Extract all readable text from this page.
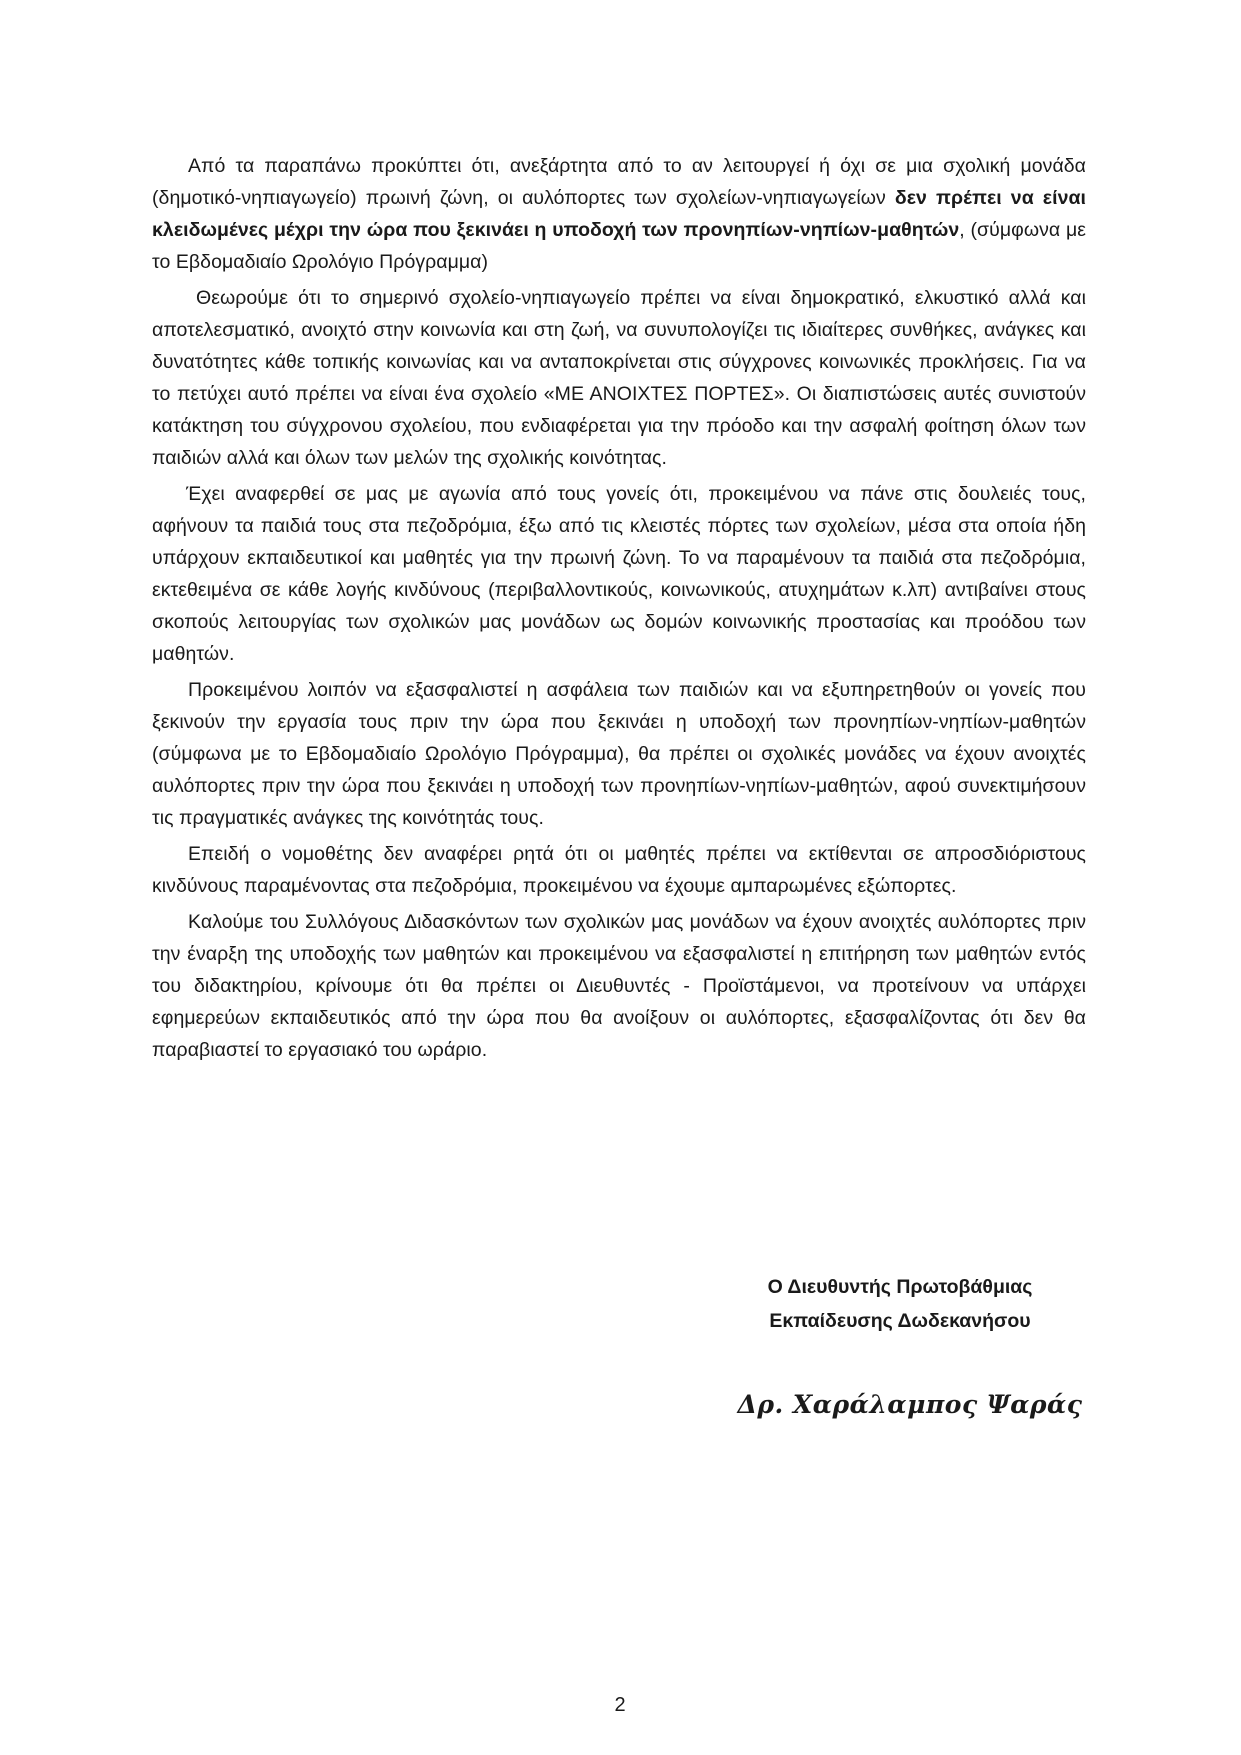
Από τα παραπάνω προκύπτει ότι, ανεξάρτητα από το αν λειτουργεί ή όχι σε μια σχολική μονάδα (δημοτικό-νηπιαγωγείο) πρωινή ζώνη, οι αυλόπορτες των σχολείων-νηπιαγωγείων δεν πρέπει να είναι κλειδωμένες μέχρι την ώρα που ξεκινάει η υποδοχή των προνηπίων-νηπίων-μαθητών, (σύμφωνα με το Εβδομαδιαίο Ωρολόγιο Πρόγραμμα)

Θεωρούμε ότι το σημερινό σχολείο-νηπιαγωγείο πρέπει να είναι δημοκρατικό, ελκυστικό αλλά και αποτελεσματικό, ανοιχτό στην κοινωνία και στη ζωή, να συνυπολογίζει τις ιδιαίτερες συνθήκες, ανάγκες και δυνατότητες κάθε τοπικής κοινωνίας και να ανταποκρίνεται στις σύγχρονες κοινωνικές προκλήσεις. Για να το πετύχει αυτό πρέπει να είναι ένα σχολείο «ΜΕ ΑΝΟΙΧΤΕΣ ΠΟΡΤΕΣ». Οι διαπιστώσεις αυτές συνιστούν κατάκτηση του σύγχρονου σχολείου, που ενδιαφέρεται για την πρόοδο και την ασφαλή φοίτηση όλων των παιδιών αλλά και όλων των μελών της σχολικής κοινότητας.

Έχει αναφερθεί σε μας με αγωνία από τους γονείς ότι, προκειμένου να πάνε στις δουλειές τους, αφήνουν τα παιδιά τους στα πεζοδρόμια, έξω από τις κλειστές πόρτες των σχολείων, μέσα στα οποία ήδη υπάρχουν εκπαιδευτικοί και μαθητές για την πρωινή ζώνη. Το να παραμένουν τα παιδιά στα πεζοδρόμια, εκτεθειμένα σε κάθε λογής κινδύνους (περιβαλλοντικούς, κοινωνικούς, ατυχημάτων κ.λπ) αντιβαίνει στους σκοπούς λειτουργίας των σχολικών μας μονάδων ως δομών κοινωνικής προστασίας και προόδου των μαθητών.

Προκειμένου λοιπόν να εξασφαλιστεί η ασφάλεια των παιδιών και να εξυπηρετηθούν οι γονείς που ξεκινούν την εργασία τους πριν την ώρα που ξεκινάει η υποδοχή των προνηπίων-νηπίων-μαθητών (σύμφωνα με το Εβδομαδιαίο Ωρολόγιο Πρόγραμμα), θα πρέπει οι σχολικές μονάδες να έχουν ανοιχτές αυλόπορτες πριν την ώρα που ξεκινάει η υποδοχή των προνηπίων-νηπίων-μαθητών, αφού συνεκτιμήσουν τις πραγματικές ανάγκες της κοινότητάς τους.

Επειδή ο νομοθέτης δεν αναφέρει ρητά ότι οι μαθητές πρέπει να εκτίθενται σε απροσδιόριστους κινδύνους παραμένοντας στα πεζοδρόμια, προκειμένου να έχουμε αμπαρωμένες εξώπορτες.

Καλούμε του Συλλόγους Διδασκόντων των σχολικών μας μονάδων να έχουν ανοιχτές αυλόπορτες πριν την έναρξη της υποδοχής των μαθητών και προκειμένου να εξασφαλιστεί η επιτήρηση των μαθητών εντός του διδακτηρίου, κρίνουμε ότι θα πρέπει οι Διευθυντές - Προϊστάμενοι, να προτείνουν να υπάρχει εφημερεύων εκπαιδευτικός από την ώρα που θα ανοίξουν οι αυλόπορτες, εξασφαλίζοντας ότι δεν θα παραβιαστεί το εργασιακό του ωράριο.

Ο Διευθυντής Πρωτοβάθμιας

Εκπαίδευσης Δωδεκανήσου

Δρ. Χαράλαμπος Ψαράς

2
